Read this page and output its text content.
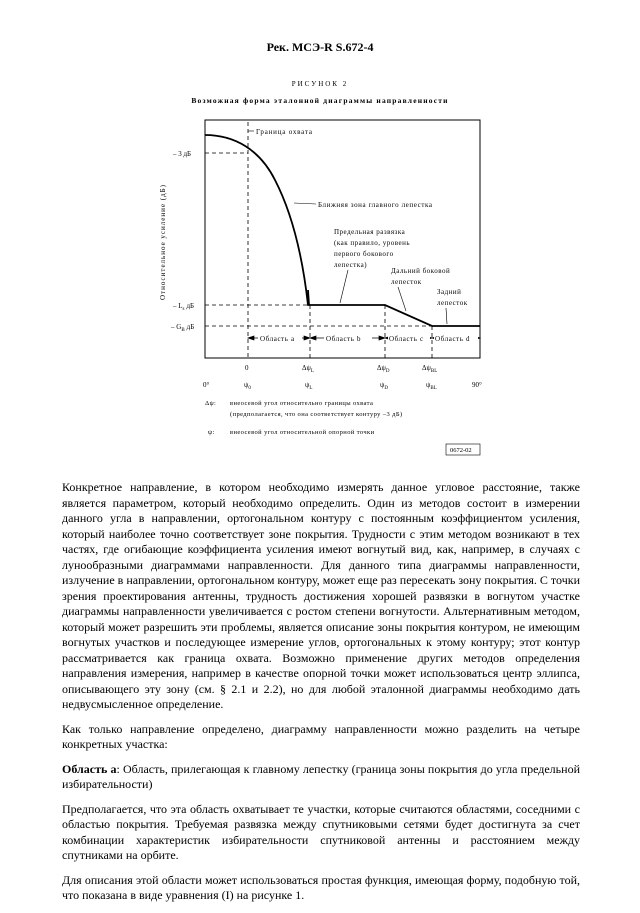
Рек. МСЭ-R S.672-4
РИСУНОК 2
Возможная форма эталонной диаграммы направленности
Относительное усиление (дБ)
– 3 дБ
– $L_s$ дБ
– $G_B$ дБ
Граница охвата
Ближняя зона главного лепестка
Предельная развязка
(как правило, уровень
первого бокового
лепестка)
Дальний боковой
лепесток
Задний
лепесток
Область a	Область b	Область c Область d
0	$\Delta\psi_L$	$\Delta\psi_D$	$\Delta\psi_{BL}$
0°	$\psi_0$	$\psi_L$	$\psi_D$	$\psi_{BL}$	90°
Δψ: внеосевой угол относительно границы охвата
(предполагается, что она соответствует контуру –3 дБ)
ψ: внеосевой угол относительной опорной точки
0672-02

Конкретное направление, в котором необходимо измерять данное угловое расстояние, также является параметром, который необходимо определить. Один из методов состоит в измерении данного угла в направлении, ортогональном контуру с постоянным коэффициентом усиления, который наиболее точно соответствует зоне покрытия. Трудности с этим методом возникают в тех частях, где огибающие коэффициента усиления имеют вогнутый вид, как, например, в случаях с лунообразными диаграммами направленности. Для данного типа диаграммы направленности, излучение в направлении, ортогональном контуру, может еще раз пересекать зону покрытия. С точки зрения проектирования антенны, трудность достижения хорошей развязки в вогнутом участке диаграммы направленности увеличивается с ростом степени вогнутости. Альтернативным методом, который может разрешить эти проблемы, является описание зоны покрытия контуром, не имеющим вогнутых участков и последующее измерение углов, ортогональных к этому контуру; этот контур рассматривается как граница охвата. Возможно применение других методов определения направления измерения, например в качестве опорной точки может использоваться центр эллипса, описывающего эту зону (см. § 2.1 и 2.2), но для любой эталонной диаграммы необходимо дать недвусмысленное определение.

Как только направление определено, диаграмму направленности можно разделить на четыре конкретных участка:

Область a: Область, прилегающая к главному лепестку (граница зоны покрытия до угла предельной избирательности)

Предполагается, что эта область охватывает те участки, которые считаются областями, соседними с областью покрытия. Требуемая развязка между спутниковыми сетями будет достигнута за счет комбинации характеристик избирательности спутниковой антенны и расстоянием между спутниками на орбите.

Для описания этой области может использоваться простая функция, имеющая форму, подобную той, что показана в виде уравнения (I) на рисунке 1.
